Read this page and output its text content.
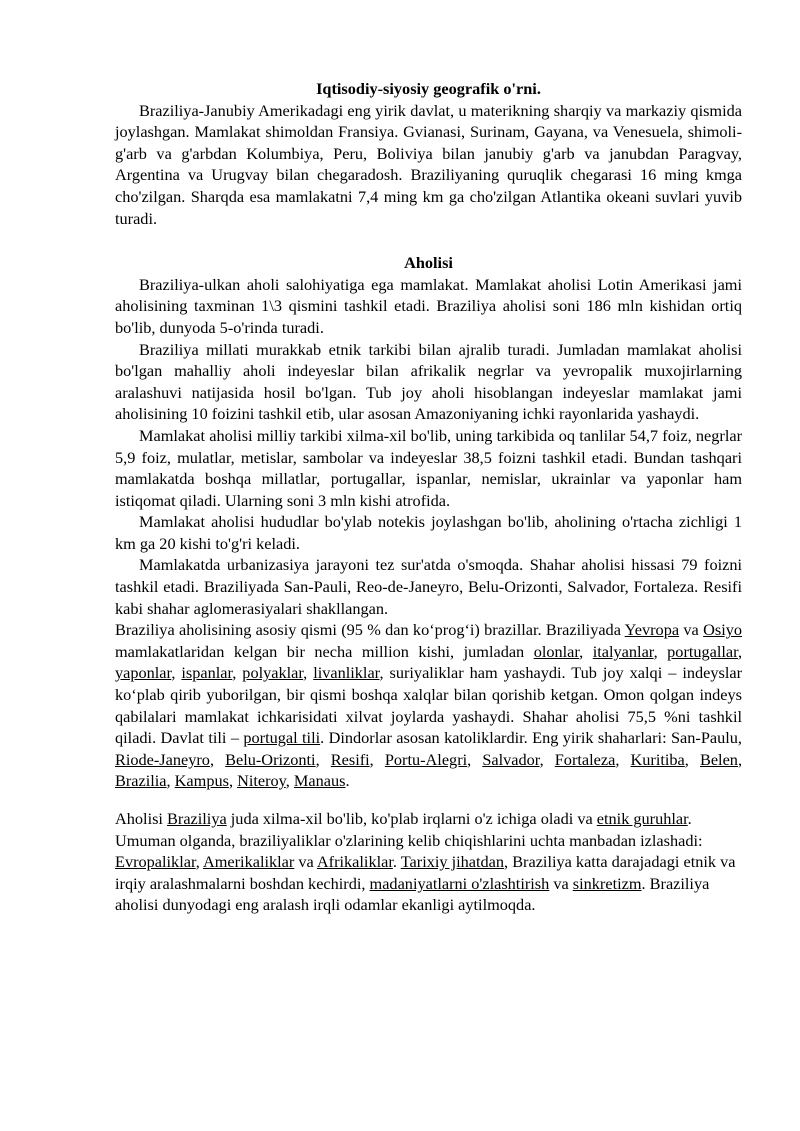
Iqtisodiy-siyosiy geografik o'rni.

Braziliya-Janubiy Amerikadagi eng yirik davlat, u materikning sharqiy va markaziy qismida joylashgan. Mamlakat shimoldan Fransiya. Gvianasi, Surinam, Gayana, va Venesuela, shimoli-g'arb va g'arbdan Kolumbiya, Peru, Boliviya bilan janubiy g'arb va janubdan Paragvay, Argentina va Urugvay bilan chegaradosh. Braziliyaning quruqlik chegarasi 16 ming kmga cho'zilgan. Sharqda esa mamlakatni 7,4 ming km ga cho'zilgan Atlantika okeani suvlari yuvib turadi.

Aholisi

Braziliya-ulkan aholi salohiyatiga ega mamlakat. Mamlakat aholisi Lotin Amerikasi jami aholisining taxminan 1\3 qismini tashkil etadi. Braziliya aholisi soni 186 mln kishidan ortiq bo'lib, dunyoda 5-o'rinda turadi.

Braziliya millati murakkab etnik tarkibi bilan ajralib turadi. Jumladan mamlakat aholisi bo'lgan mahalliy aholi indeyeslar bilan afrikalik negrlar va yevropalik muxojirlarning aralashuvi natijasida hosil bo'lgan. Tub joy aholi hisoblangan indeyeslar mamlakat jami aholisining 10 foizini tashkil etib, ular asosan Amazoniyaning ichki rayonlarida yashaydi.

Mamlakat aholisi milliy tarkibi xilma-xil bo'lib, uning tarkibida oq tanlilar 54,7 foiz, negrlar 5,9 foiz, mulatlar, metislar, sambolar va indeyeslar 38,5 foizni tashkil etadi. Bundan tashqari mamlakatda boshqa millatlar, portugallar, ispanlar, nemislar, ukrainlar va yaponlar ham istiqomat qiladi. Ularning soni 3 mln kishi atrofida.

Mamlakat aholisi hududlar bo'ylab notekis joylashgan bo'lib, aholining o'rtacha zichligi 1 km ga 20 kishi to'g'ri keladi.

Mamlakatda urbanizasiya jarayoni tez sur'atda o'smoqda. Shahar aholisi hissasi 79 foizni tashkil etadi. Braziliyada San-Pauli, Reo-de-Janeyro, Belu-Orizonti, Salvador, Fortaleza. Resifi kabi shahar aglomerasiyalari shakllangan.

Braziliya aholisining asosiy qismi (95 % dan ko‘prog‘i) brazillar. Braziliyada Yevropa va Osiyo mamlakatlaridan kelgan bir necha million kishi, jumladan olonlar, italyanlar, portugallar, yaponlar, ispanlar, polyaklar, livanliklar, suriyaliklar ham yashaydi. Tub joy xalqi – indeyslar ko‘plab qirib yuborilgan, bir qismi boshqa xalqlar bilan qorishib ketgan. Omon qolgan indeys qabilalari mamlakat ichkarisidati xilvat joylarda yashaydi. Shahar aholisi 75,5 %ni tashkil qiladi. Davlat tili – portugal tili. Dindorlar asosan katoliklardir. Eng yirik shaharlari: San-Paulu, Riode-Janeyro, Belu-Orizonti, Resifi, Portu-Alegri, Salvador, Fortaleza, Kuritiba, Belen, Brazilia, Kampus, Niteroy, Manaus.

Aholisi Braziliya juda xilma-xil bo'lib, ko'plab irqlarni o'z ichiga oladi va etnik guruhlar. Umuman olganda, braziliyaliklar o'zlarining kelib chiqishlarini uchta manbadan izlashadi: Evropaliklar, Amerikaliklar va Afrikaliklar. Tarixiy jihatdan, Braziliya katta darajadagi etnik va irqiy aralashmalarni boshdan kechirdi, madaniyatlarni o'zlashtirish va sinkretizm. Braziliya aholisi dunyodagi eng aralash irqli odamlar ekanligi aytilmoqda.
